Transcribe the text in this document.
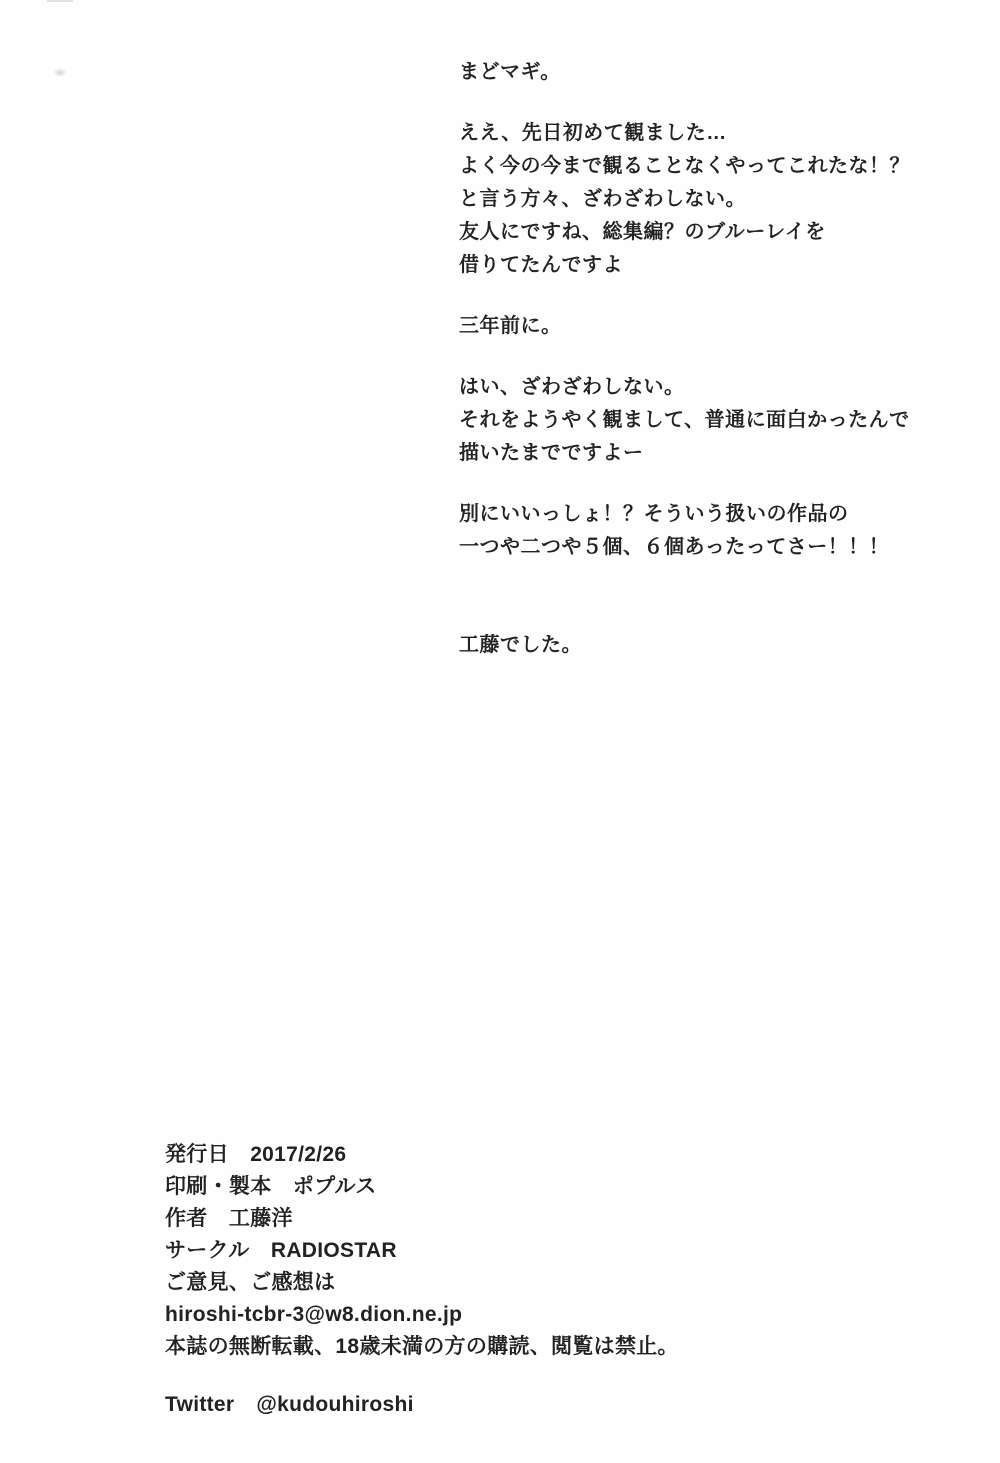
まどマギ。
ええ、先日初めて観ました…
よく今の今まで観ることなくやってこれたな！？
と言う方々、ざわざわしない。
友人にですね、総集編？のブルーレイを
借りてたんですよ
三年前に。
はい、ざわざわしない。
それをようやく観まして、普通に面白かったんで
描いたまでですよー
別にいいっしょ！？そういう扱いの作品の
一つや二つや５個、６個あったってさー！！！
工藤でした。
発行日　2017/2/26
印刷・製本　ポプルス
作者　工藤洋
サークル　RADIOSTAR
ご意見、ご感想は
hiroshi-tcbr-3@w8.dion.ne.jp
本誌の無断転載、18歳未満の方の購読、閲覧は禁止。
Twitter @kudouhiroshi
